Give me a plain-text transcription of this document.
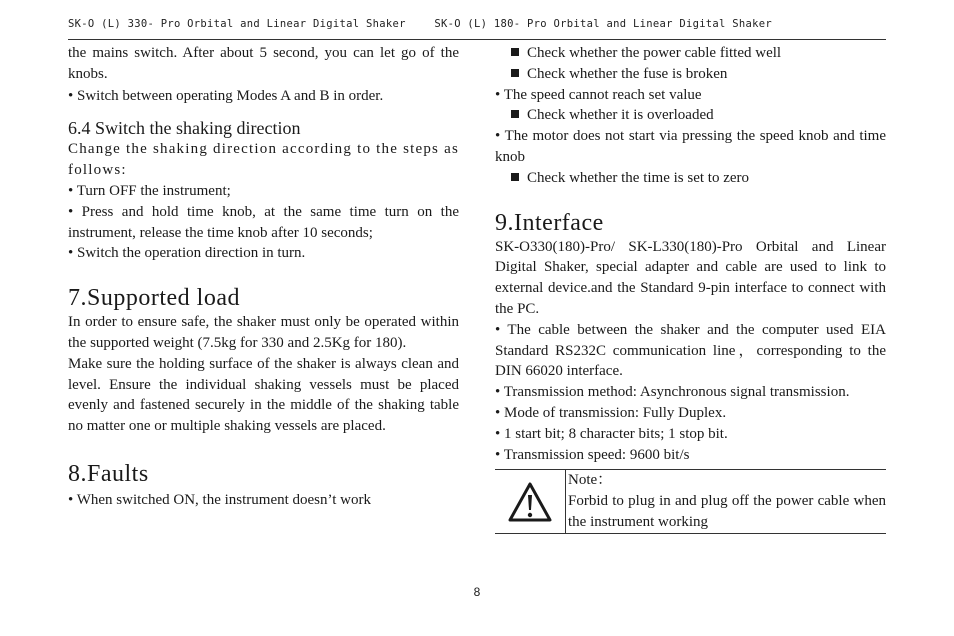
SK-O (L) 330- Pro Orbital and Linear Digital Shaker	SK-O (L) 180- Pro Orbital and Linear Digital Shaker

the mains switch. After about 5 second, you can let go of the knobs.

• Switch between operating Modes A and B in order.

6.4 Switch the shaking direction

Change the shaking direction according to the steps as follows:

• Turn OFF the instrument;

• Press and hold time knob, at the same time turn on the instrument, release the time knob after 10 seconds;

• Switch the operation direction in turn.

7.Supported load

In order to ensure safe, the shaker must only be operated within the supported weight (7.5kg for 330 and 2.5Kg for 180).

Make sure the holding surface of the shaker is always clean and level. Ensure the individual shaking vessels must be placed evenly and fastened securely in the middle of the shaking table no matter one or multiple shaking vessels are placed.

8.Faults

• When switched ON, the instrument doesn’t work

Check whether the power cable fitted well

Check whether the fuse is broken

• The speed cannot reach set value

Check whether it is overloaded

• The motor does not start via pressing the speed knob and time knob

Check whether the time is set to zero

9.Interface

SK-O330(180)-Pro/ SK-L330(180)-Pro Orbital and Linear Digital Shaker, special adapter and cable are used to link to external device.and the Standard 9-pin interface to connect with the PC.

• The cable between the shaker and the computer used EIA Standard RS232C communication line，corresponding to the DIN 66020 interface.

• Transmission method: Asynchronous signal transmission.

• Mode of transmission: Fully Duplex.

• 1 start bit; 8 character bits; 1 stop bit.

• Transmission speed: 9600 bit/s

Note：

Forbid to plug in and plug off the power cable when the instrument working

8
